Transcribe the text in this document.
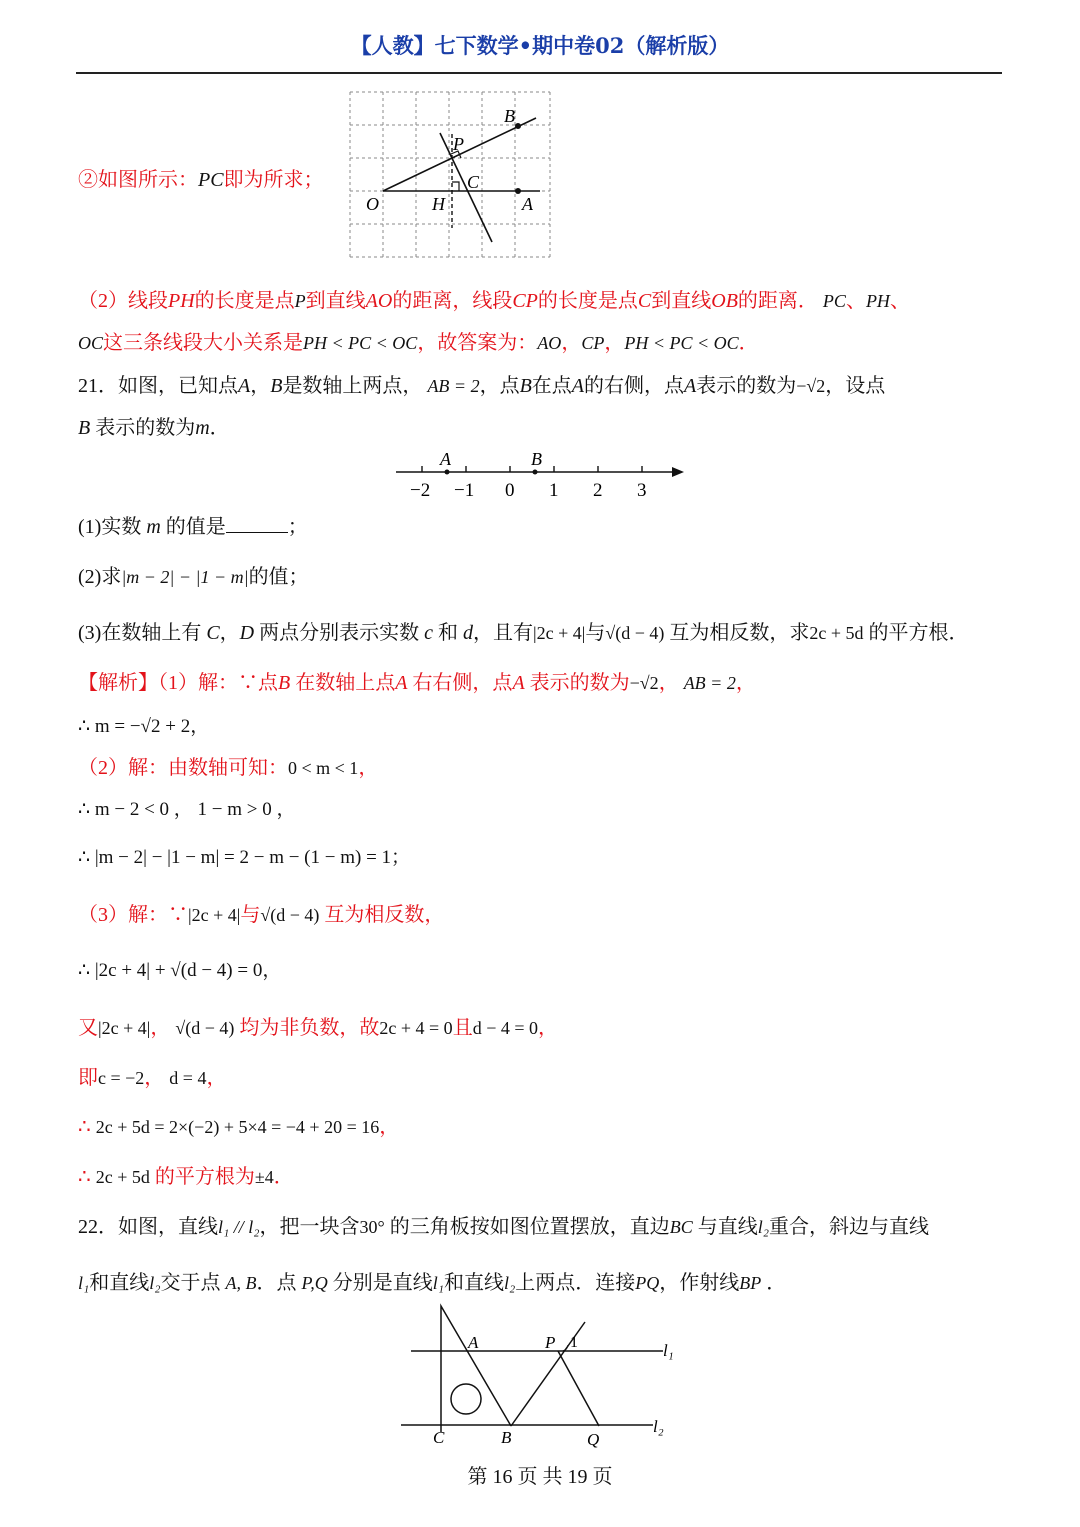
【人教】七下数学•期中卷02（解析版）
②如图所示：PC即为所求；
B
P
C
O	H	A
（2）线段PH的长度是点P到直线AO的距离，线段CP的长度是点C到直线OB的距离． PC、PH、
OC这三条线段大小关系是PH < PC < OC，故答案为：AO，CP，PH < PC < OC．
21．如图，已知点A，B是数轴上两点， AB = 2，点B在点A的右侧，点A表示的数为−√2，设点
B 表示的数为m．
A	B
−2 −1 0 1 2 3
(1)实数 m 的值是	；
(2)求|m − 2| − |1 − m|的值；
(3)在数轴上有 C，D 两点分别表示实数 c 和 d，且有|2c + 4|与√(d − 4) 互为相反数，求2c + 5d 的平方根．
【解析】（1）解：∵点B 在数轴上点A 右右侧，点A 表示的数为−√2， AB = 2，
∴ m = −√2 + 2，
（2）解：由数轴可知：0 < m < 1，
∴ m − 2 < 0 ， 1 − m > 0 ，
∴ |m − 2| − |1 − m| = 2 − m − (1 − m) = 1；
（3）解：∵|2c + 4|与√(d − 4) 互为相反数，
∴ |2c + 4| + √(d − 4) = 0，
又|2c + 4|， √(d − 4) 均为非负数，故2c + 4 = 0且d − 4 = 0，
即c = −2， d = 4，
∴ 2c + 5d = 2×(−2) + 5×4 = −4 + 20 = 16，
∴ 2c + 5d 的平方根为±4．
22．如图，直线l₁ // l₂，把一块含30° 的三角板按如图位置摆放，直边BC 与直线l₂重合，斜边与直线
l₁和直线l₂交于点 A, B．点 P,Q 分别是直线l₁和直线l₂上两点．连接PQ，作射线BP ．
A	P 1	l₁
l₂
C	B	Q
第 16 页 共 19 页
